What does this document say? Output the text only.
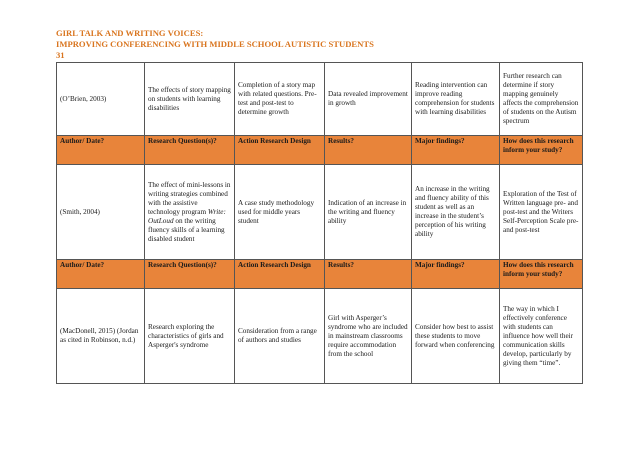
GIRL TALK AND WRITING VOICES:
IMPROVING CONFERENCING WITH MIDDLE SCHOOL AUTISTIC STUDENTS
31
(O’Brien, 2003)	The effects of story mapping on students with learning disabilities	Completion of a story map with related questions. Pre-test and post-test to determine growth	Data revealed improvement in growth	Reading intervention can improve reading comprehension for students with learning disabilities	Further research can determine if story mapping genuinely affects the comprehension of students on the Autism spectrum
Author/ Date?	Research Question(s)?	Action Research Design	Results?	Major findings?	How does this research inform your study?
(Smith, 2004)	The effect of mini-lessons in writing strategies combined with the assistive technology program Write: OutLoud on the writing fluency skills of a learning disabled student	A case study methodology used for middle years student	Indication of an increase in the writing and fluency ability	An increase in the writing and fluency ability of this student as well as an increase in the student’s perception of his writing ability	Exploration of the Test of Written language pre- and post-test and the Writers Self-Perception Scale pre- and post-test
Author/ Date?	Research Question(s)?	Action Research Design	Results?	Major findings?	How does this research inform your study?
(MacDonell, 2015) (Jordan as cited in Robinson, n.d.)	Research exploring the characteristics of girls and Asperger's syndrome	Consideration from a range of authors and studies	Girl with Asperger’s syndrome who are included in mainstream classrooms require accommodation from the school	Consider how best to assist these students to move forward when conferencing	The way in which I effectively conference with students can influence how well their communication skills develop, particularly by giving them “time”.
